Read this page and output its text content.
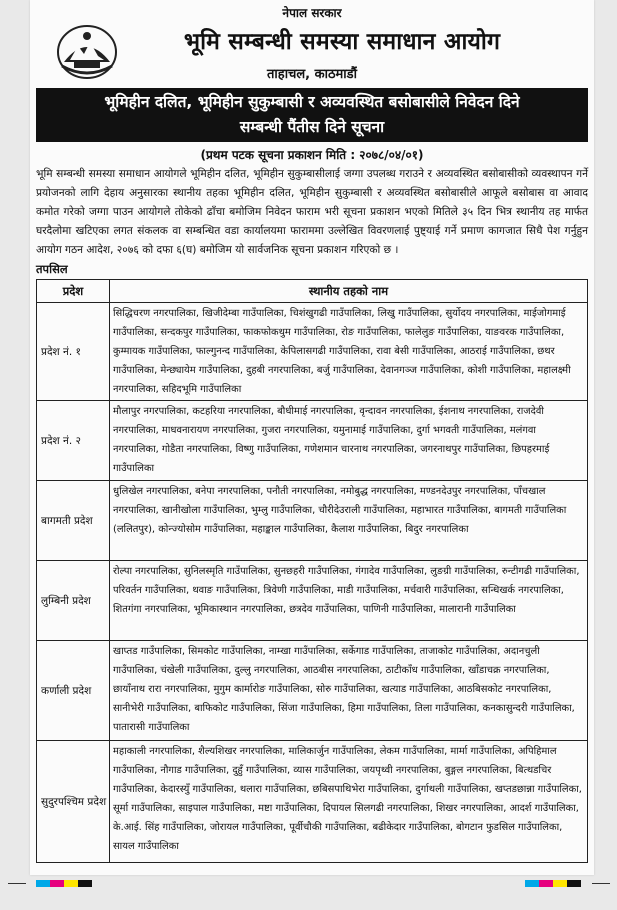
नेपाल सरकार
भूमि सम्बन्धी समस्या समाधान आयोग
ताहाचल, काठमाडौं
भूमिहीन दलित, भूमिहीन सुकुम्बासी र अव्यवस्थित बसोबासीले निवेदन दिने
सम्बन्धी पैंतीस दिने सूचना
(प्रथम पटक सूचना प्रकाशन मिति : २०७८/०४/०१)
भूमि सम्बन्धी समस्या समाधान आयोगले भूमिहीन दलित, भूमिहीन सुकुम्बासीलाई जग्गा उपलब्ध गराउने र अव्यवस्थित बसोबासीको व्यवस्थापन गर्ने प्रयोजनको लागि देहाय अनुसारका स्थानीय तहका भूमिहीन दलित, भूमिहीन सुकुम्बासी र अव्यवस्थित बसोबासीले आफूले बसोबास वा आवाद कमोत गरेको जग्गा पाउन आयोगले तोकेको ढाँचा बमोजिम निवेदन फाराम भरी सूचना प्रकाशन भएको मितिले ३५ दिन भित्र स्थानीय तह मार्फत घरदैलोमा खटिएका लगत संकलक वा सम्बन्धित वडा कार्यालयमा फाराममा उल्लेखित विवरणलाई पुष्ट्याई गर्ने प्रमाण कागजात सिधै पेश गर्नुहुन आयोग गठन आदेश, २०७६ को दफा ६(घ) बमोजिम यो सार्वजनिक सूचना प्रकाशन गरिएको छ ।
तपसिल
प्रदेश	स्थानीय तहको नाम
प्रदेश नं. १	सिद्धिचरण नगरपालिका, खिजीदेम्बा गाउँपालिका, चिशंखुगढी गाउँपालिका, लिखु गाउँपालिका, सुर्योदय नगरपालिका, माईजोगमाई गाउँपालिका, सन्दकपुर गाउँपालिका, फाकफोकथुम गाउँपालिका, रोङ गाउँपालिका, फालेलुङ गाउँपालिका, याङवरक गाउँपालिका, कुम्मायक गाउँपालिका, फाल्गुनन्द गाउँपालिका, केपिलासगढी गाउँपालिका, रावा बेसी गाउँपालिका, आठराई गाउँपालिका, छथर गाउँपालिका, मेन्छ्यायेम गाउँपालिका, दुहबी नगरपालिका, बर्जु गाउँपालिका, देवानगञ्ज गाउँपालिका, कोशी गाउँपालिका, महालक्ष्मी नगरपालिका, सहिदभूमि गाउँपालिका
प्रदेश नं. २	मौलापुर नगरपालिका, कटहरिया नगरपालिका, बौधीमाई नगरपालिका, वृन्दावन नगरपालिका, ईशनाथ नगरपालिका, राजदेवी नगरपालिका, माधवनारायण नगरपालिका, गुजरा नगरपालिका, यमुनामाई गाउँपालिका, दुर्गा भगवती गाउँपालिका, मलंगवा नगरपालिका, गोडैता नगरपालिका, विष्णु गाउँपालिका, गणेशमान चारनाथ नगरपालिका, जगरनाथपुर गाउँपालिका, छिपहरमाई गाउँपालिका
बागमती प्रदेश	धुलिखेल नगरपालिका, बनेपा नगरपालिका, पनौती नगरपालिका, नमोबुद्ध नगरपालिका, मण्डनदेउपुर नगरपालिका, पाँचखाल नगरपालिका, खानीखोला गाउँपालिका, भुम्लु गाउँपालिका, चौरीदेउराली गाउँपालिका, महाभारत गाउँपालिका, बागमती गाउँपालिका (ललितपुर), कोन्ज्योसोम गाउँपालिका, महाङ्काल गाउँपालिका, कैलाश गाउँपालिका, बिदुर नगरपालिका
लुम्बिनी प्रदेश	रोल्पा नगरपालिका, सुनिलस्मृति गाउँपालिका, सुनछहरी गाउँपालिका, गंगादेव गाउँपालिका, लुङग्री गाउँपालिका, रुन्टीगढी गाउँपालिका, परिवर्तन गाउँपालिका, थवाङ गाउँपालिका, त्रिवेणी गाउँपालिका, माडी गाउँपालिका, मर्चवारी गाउँपालिका, सन्धिखर्क नगरपालिका, शितगंगा नगरपालिका, भूमिकास्थान नगरपालिका, छत्रदेव गाउँपालिका, पाणिनी गाउँपालिका, मालारानी गाउँपालिका
कर्णाली प्रदेश	खाप्तड गाउँपालिका, सिमकोट गाउँपालिका, नाम्खा गाउँपालिका, सर्केगाड गाउँपालिका, ताजाकोट गाउँपालिका, अदानचुली गाउँपालिका, चंखेली गाउँपालिका, दुल्लु नगरपालिका, आठबीस नगरपालिका, ठाटीकाँध गाउँपालिका, खाँडाचक्र नगरपालिका, छायाँनाथ रारा नगरपालिका, मुगुम कार्मारोङ गाउँपालिका, सोरु गाउँपालिका, खत्याड गाउँपालिका, आठबिसकोट नगरपालिका, सानीभेरी गाउँपालिका, बाफिकोट गाउँपालिका, सिंजा गाउँपालिका, हिमा गाउँपालिका, तिला गाउँपालिका, कनकासुन्दरी गाउँपालिका, पातारासी गाउँपालिका
सुदुरपश्चिम प्रदेश	महाकाली नगरपालिका, शैल्यशिखर नगरपालिका, मालिकार्जुन गाउँपालिका, लेकम गाउँपालिका, मार्मा गाउँपालिका, अपिहिमाल गाउँपालिका, नौगाड गाउँपालिका, दुहुँ गाउँपालिका, व्यास गाउँपालिका, जयपृथ्वी नगरपालिका, बुङ्गल नगरपालिका, बित्थडचिर गाउँपालिका, केदारस्युँ गाउँपालिका, थलारा गाउँपालिका, छबिसपाथिभेरा गाउँपालिका, दुर्गाथली गाउँपालिका, खप्तडछान्ना गाउँपालिका, सूर्मा गाउँपालिका, साइपाल गाउँपालिका, मष्टा गाउँपालिका, दिपायल सिलगढी नगरपालिका, शिखर नगरपालिका, आदर्श गाउँपालिका, के.आई. सिंह गाउँपालिका, जोरायल गाउँपालिका, पूर्वीचौकी गाउँपालिका, बढीकेदार गाउँपालिका, बोगटान फुडसिल गाउँपालिका, सायल गाउँपालिका
